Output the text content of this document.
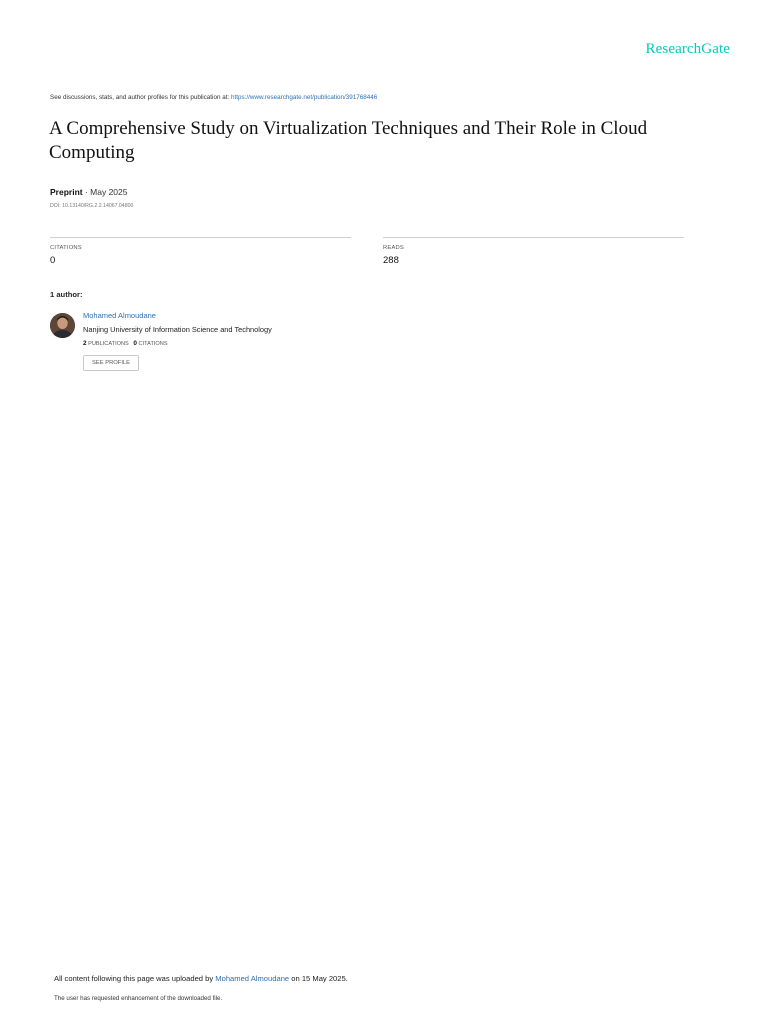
ResearchGate
See discussions, stats, and author profiles for this publication at: https://www.researchgate.net/publication/391768446
A Comprehensive Study on Virtualization Techniques and Their Role in Cloud Computing
Preprint · May 2025
DOI: 10.13140/RG.2.2.14067.04800
CITATIONS
0
READS
288
1 author:
Mohamed Almoudane
Nanjing University of Information Science and Technology
2 PUBLICATIONS 0 CITATIONS
SEE PROFILE
All content following this page was uploaded by Mohamed Almoudane on 15 May 2025.
The user has requested enhancement of the downloaded file.
